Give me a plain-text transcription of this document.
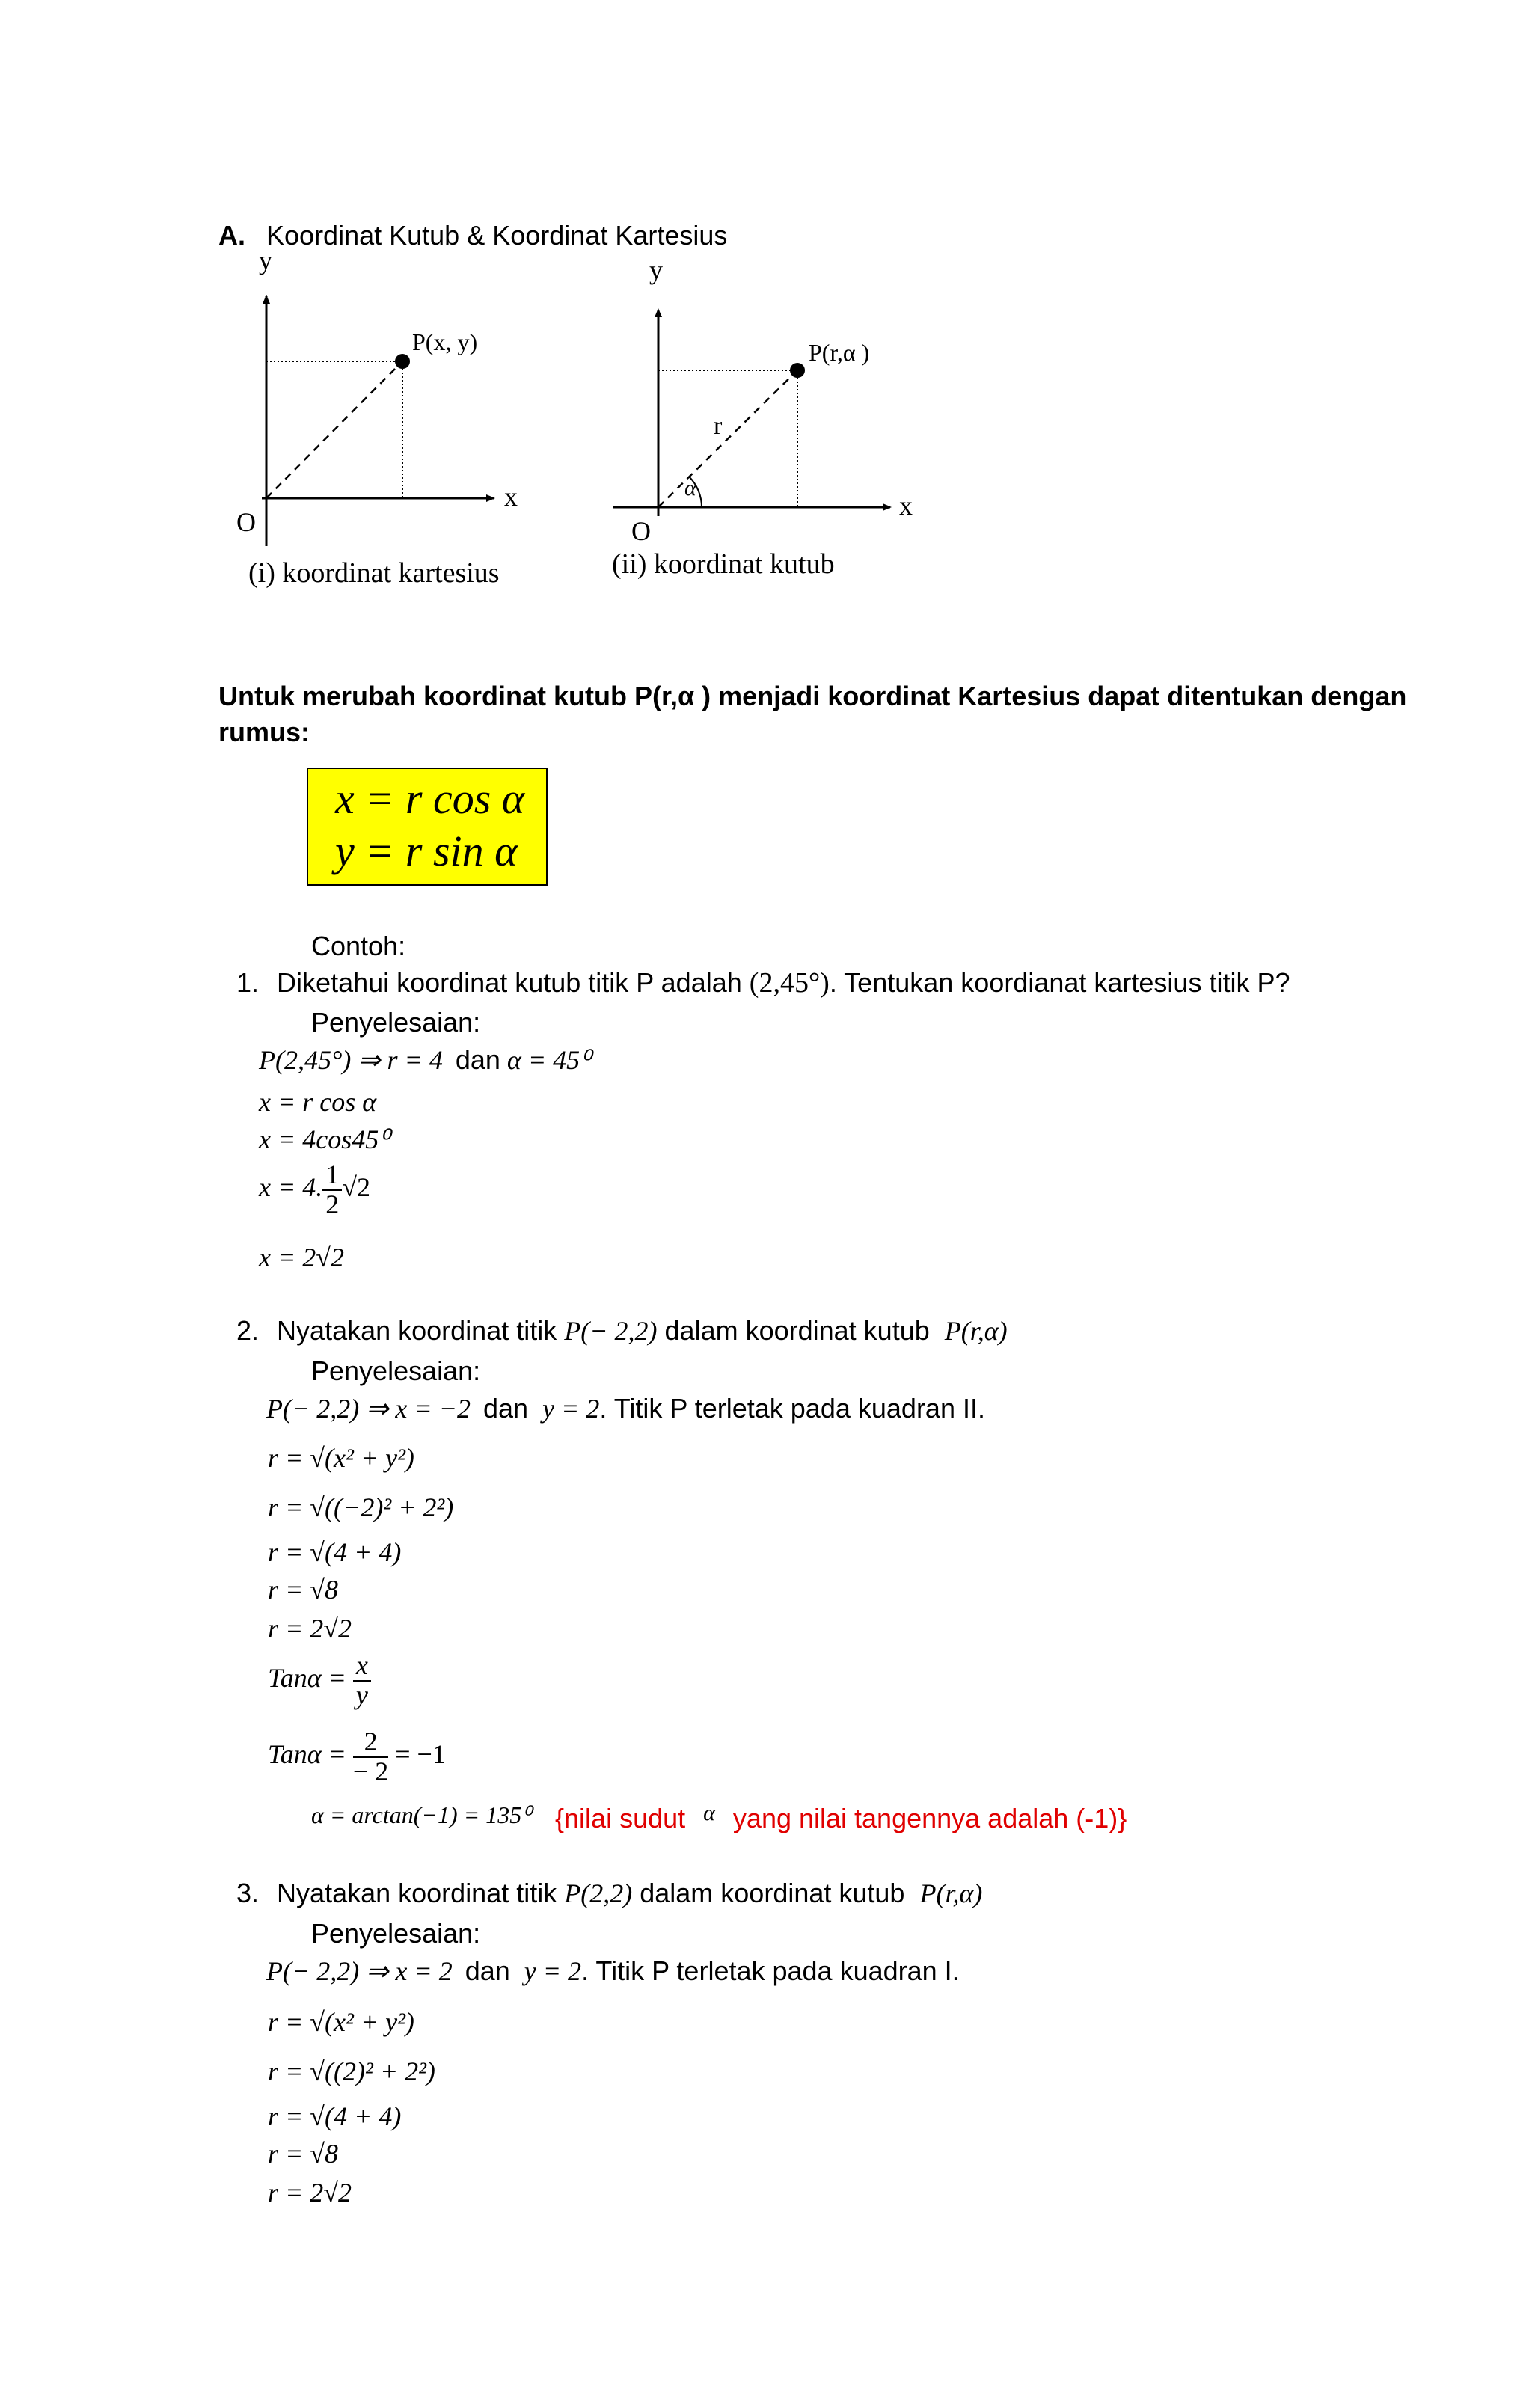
A. Koordinat Kutub & Koordinat Kartesius
y
x
O
P(x, y)
(i) koordinat kartesius
y
x
O
P(r,α )
r
α
(ii) koordinat kutub
Untuk merubah koordinat kutub P(r,α ) menjadi koordinat Kartesius dapat ditentukan dengan
rumus:
x = r cos α
y = r sin α
Contoh:
1. Diketahui koordinat kutub titik P adalah (2,45°). Tentukan koordianat kartesius titik P?
Penyelesaian:
P(2,45°) ⇒ r = 4 dan α = 45⁰
x = r cos α
x = 4cos45⁰
x = 4. $\frac{1}{2} √2$
x = 2√2
2. Nyatakan koordinat titik P(− 2,2) dalam koordinat kutub P(r,α)
Penyelesaian:
P(− 2,2) ⇒ x = −2 dan y = 2. Titik P terletak pada kuadran II.
r = √(x² + y²)
r = √((−2)² + 2²)
r = √(4 + 4)
r = √8
r = 2√2
$Tan\alpha = \frac{x}{y}$
$Tan\alpha = \frac{2}{- 2} = -1$
α = arctan(−1) = 135⁰ {nilai sudut $^\alpha$ yang nilai tangennya adalah (-1)}
3. Nyatakan koordinat titik P(2,2) dalam koordinat kutub P(r,α)
Penyelesaian:
P(− 2,2) ⇒ x = 2 dan y = 2. Titik P terletak pada kuadran I.
r = √(x² + y²)
r = √((2)² + 2²)
r = √(4 + 4)
r = √8
r = 2√2
